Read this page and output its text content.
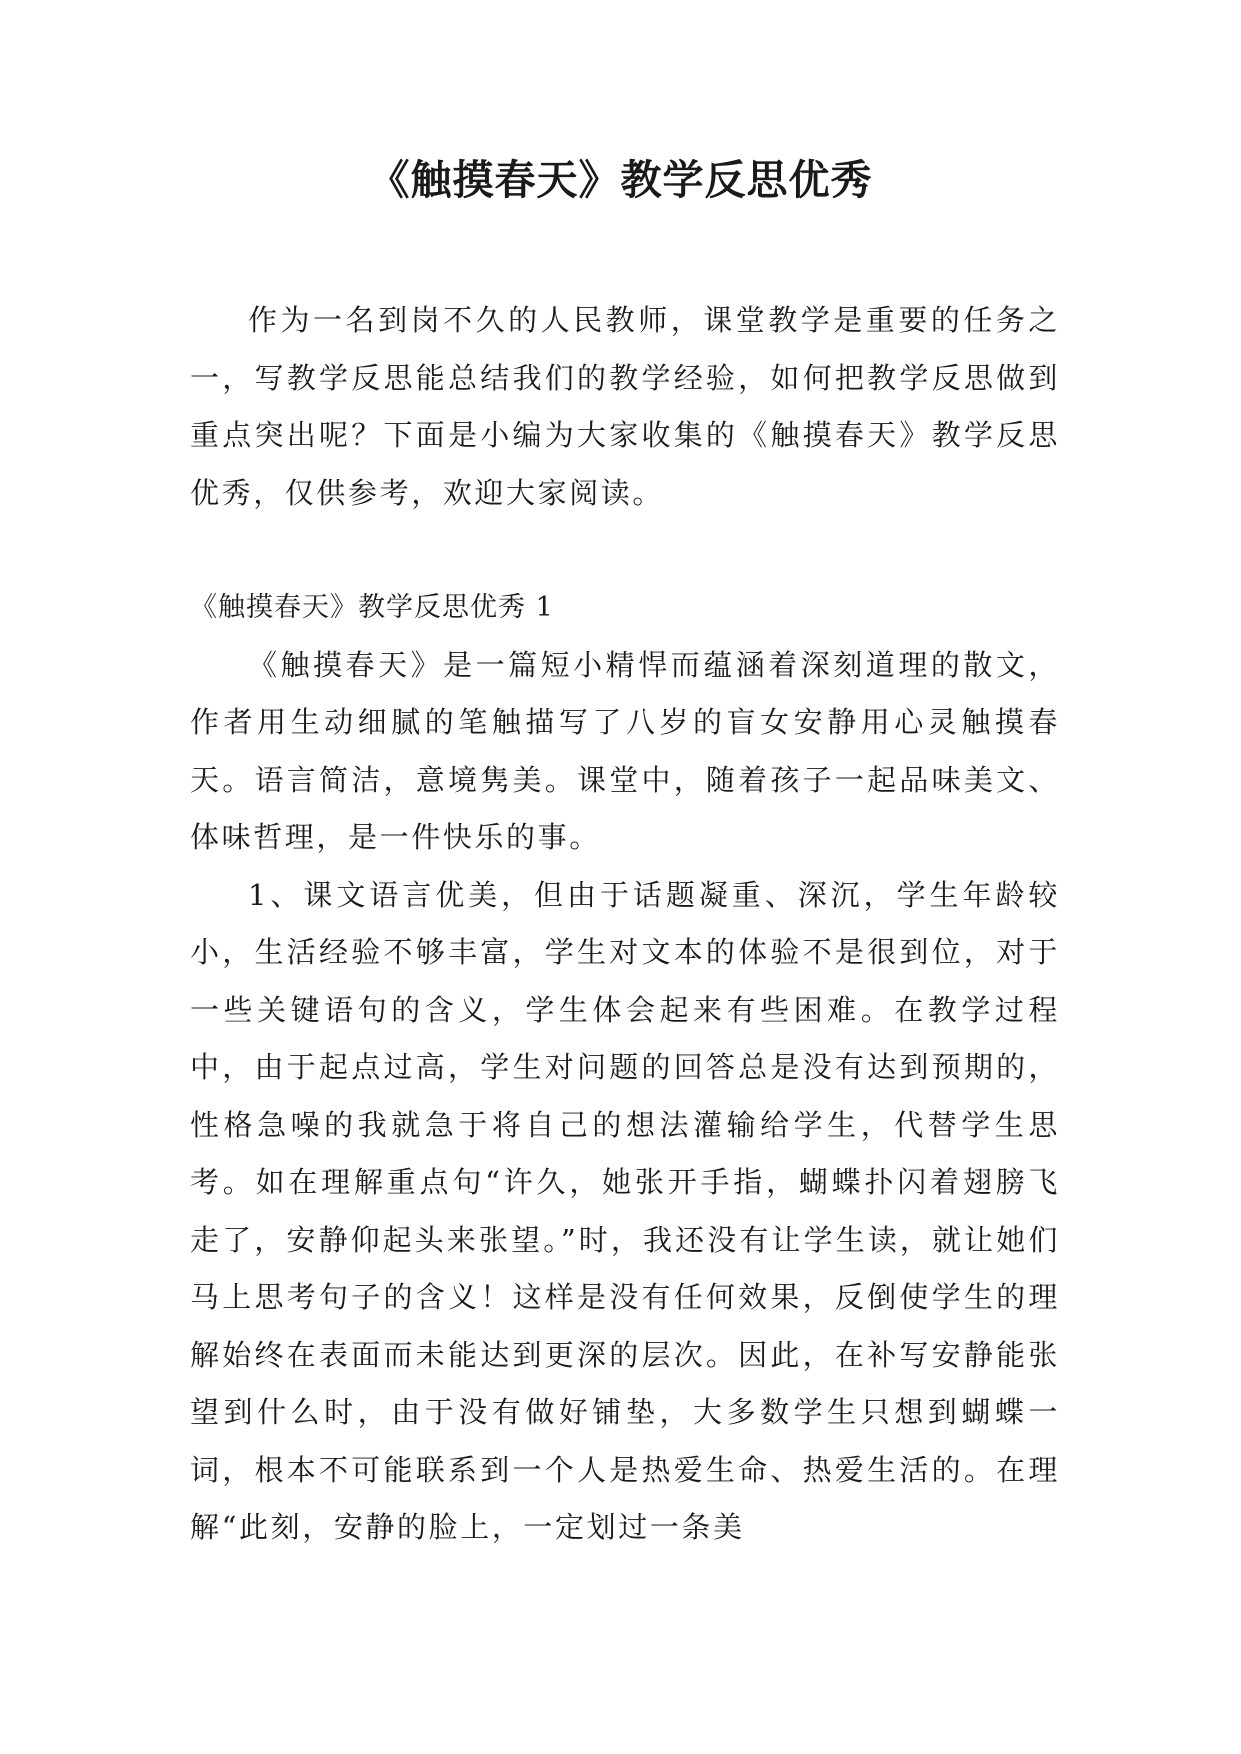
《触摸春天》教学反思优秀

作为一名到岗不久的人民教师，课堂教学是重要的任务之一，写教学反思能总结我们的教学经验，如何把教学反思做到重点突出呢？下面是小编为大家收集的《触摸春天》教学反思优秀，仅供参考，欢迎大家阅读。

《触摸春天》教学反思优秀 1

《触摸春天》是一篇短小精悍而蕴涵着深刻道理的散文，作者用生动细腻的笔触描写了八岁的盲女安静用心灵触摸春天。语言简洁，意境隽美。课堂中，随着孩子一起品味美文、体味哲理，是一件快乐的事。

1、课文语言优美，但由于话题凝重、深沉，学生年龄较小，生活经验不够丰富，学生对文本的体验不是很到位，对于一些关键语句的含义，学生体会起来有些困难。在教学过程中，由于起点过高，学生对问题的回答总是没有达到预期的，性格急噪的我就急于将自己的想法灌输给学生，代替学生思考。如在理解重点句“许久，她张开手指，蝴蝶扑闪着翅膀飞走了，安静仰起头来张望。”时，我还没有让学生读，就让她们马上思考句子的含义！这样是没有任何效果，反倒使学生的理解始终在表面而未能达到更深的层次。因此，在补写安静能张望到什么时，由于没有做好铺垫，大多数学生只想到蝴蝶一词，根本不可能联系到一个人是热爱生命、热爱生活的。在理解“此刻，安静的脸上，一定划过一条美
